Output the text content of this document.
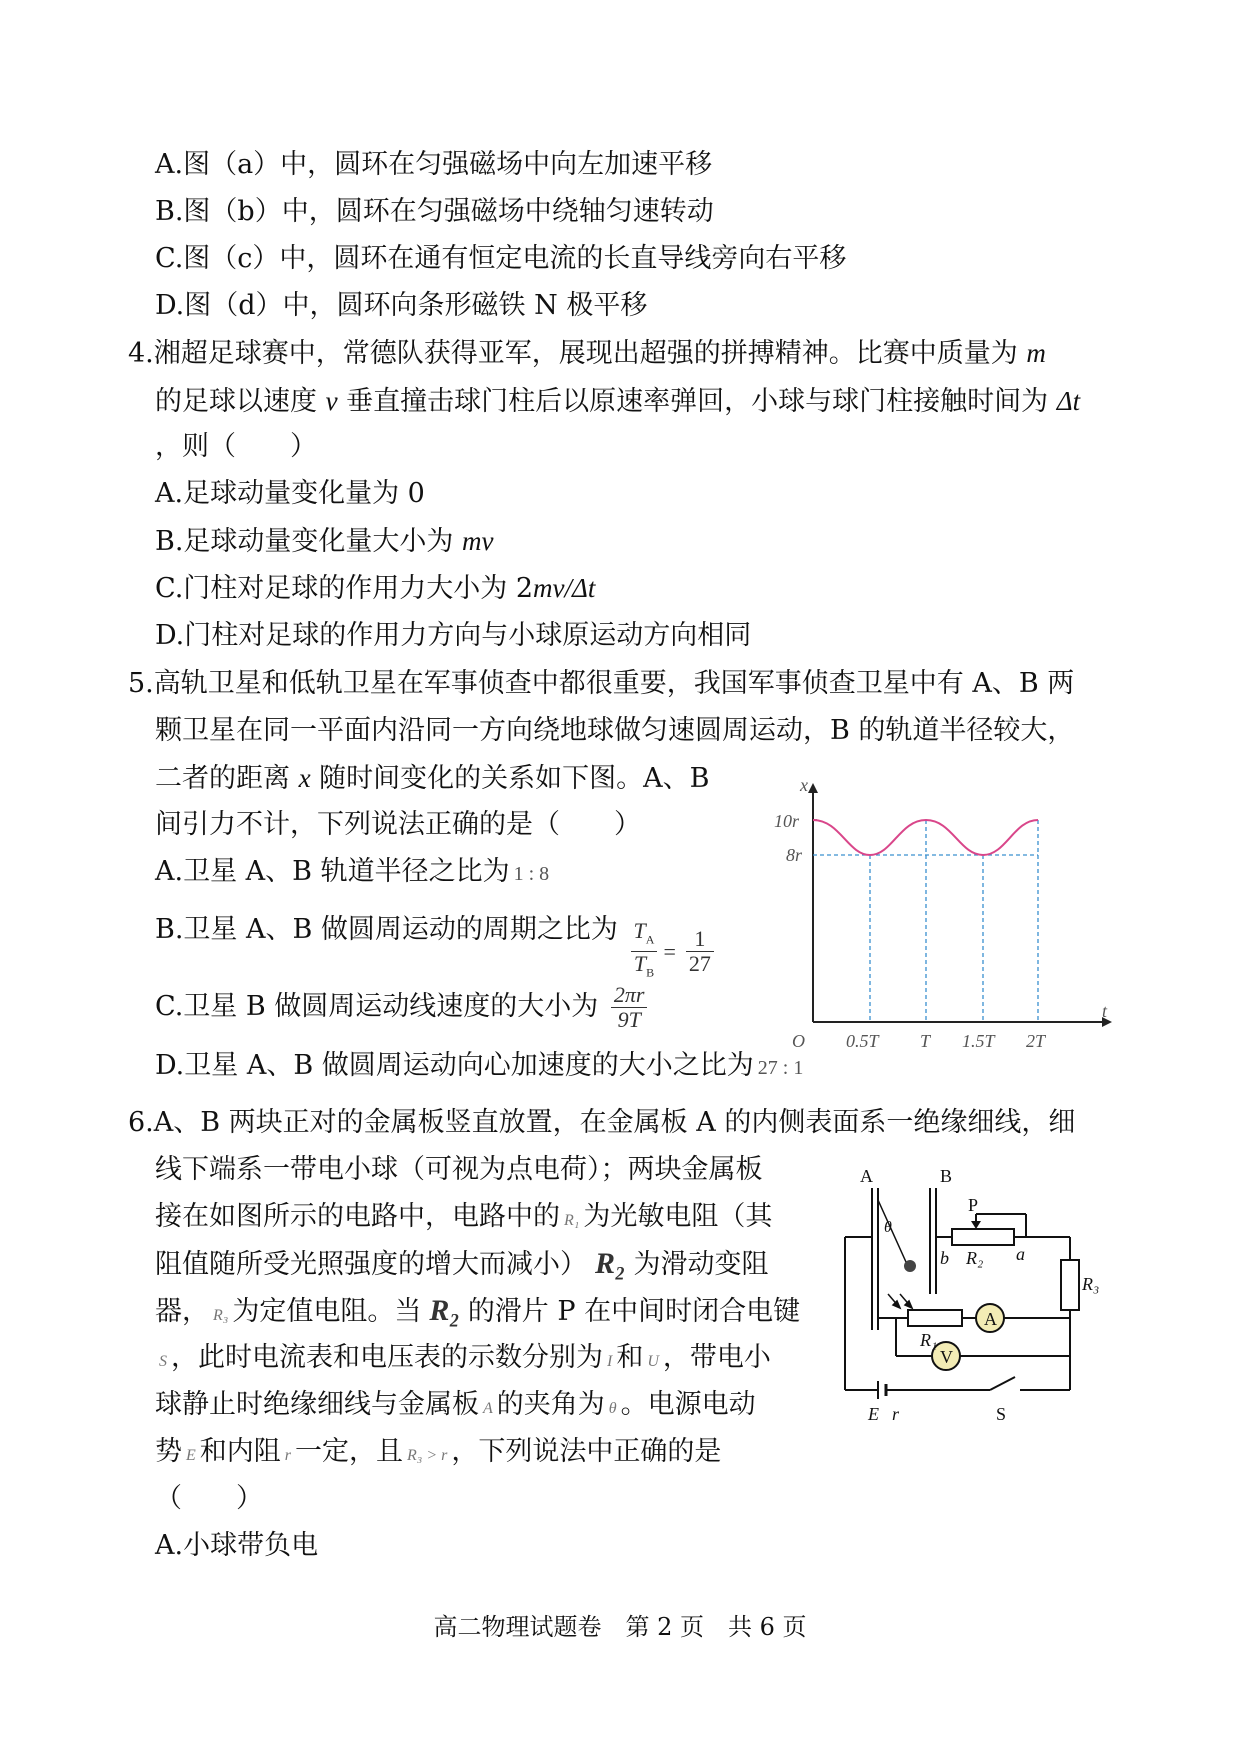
A.图（a）中，圆环在匀强磁场中向左加速平移
B.图（b）中，圆环在匀强磁场中绕轴匀速转动
C.图（c）中，圆环在通有恒定电流的长直导线旁向右平移
D.图（d）中，圆环向条形磁铁 N 极平移
4.湘超足球赛中，常德队获得亚军，展现出超强的拼搏精神。比赛中质量为 m
的足球以速度 v 垂直撞击球门柱后以原速率弹回，小球与球门柱接触时间为 Δt
，则（　　）
A.足球动量变化量为 0
B.足球动量变化量大小为 mv
C.门柱对足球的作用力大小为 2mv/Δt
D.门柱对足球的作用力方向与小球原运动方向相同
5.高轨卫星和低轨卫星在军事侦查中都很重要，我国军事侦查卫星中有 A、B 两
颗卫星在同一平面内沿同一方向绕地球做匀速圆周运动，B 的轨道半径较大，
二者的距离 x 随时间变化的关系如下图。A、B
间引力不计，下列说法正确的是（　　）
A.卫星 A、B 轨道半径之比为 1 : 8
B.卫星 A、B 做圆周运动的周期之比为 $\frac{T_A}{T_B} = \frac{1}{27}$
C.卫星 B 做圆周运动线速度的大小为 $\frac{2\pi r}{9T}$
D.卫星 A、B 做圆周运动向心加速度的大小之比为 27 : 1
x
t
10r
8r
O 0.5T T 1.5T 2T
6.A、B 两块正对的金属板竖直放置，在金属板 A 的内侧表面系一绝缘细线，细
线下端系一带电小球（可视为点电荷）；两块金属板
接在如图所示的电路中，电路中的 R₁ 为光敏电阻（其
阻值随所受光照强度的增大而减小） R₂ 为滑动变阻
器， R₃ 为定值电阻。当 R₂ 的滑片 P 在中间时闭合电键
S ，此时电流表和电压表的示数分别为 I 和 U ，带电小
球静止时绝缘细线与金属板 A 的夹角为 θ 。电源电动
势 E 和内阻 r 一定，且 R₃ > r ，下列说法中正确的是
（　　）
A.小球带负电
A	B
θ
P
b R₂ a
R₃
R₁
A
V
E r	S
高二物理试题卷　第 2 页　共 6 页
